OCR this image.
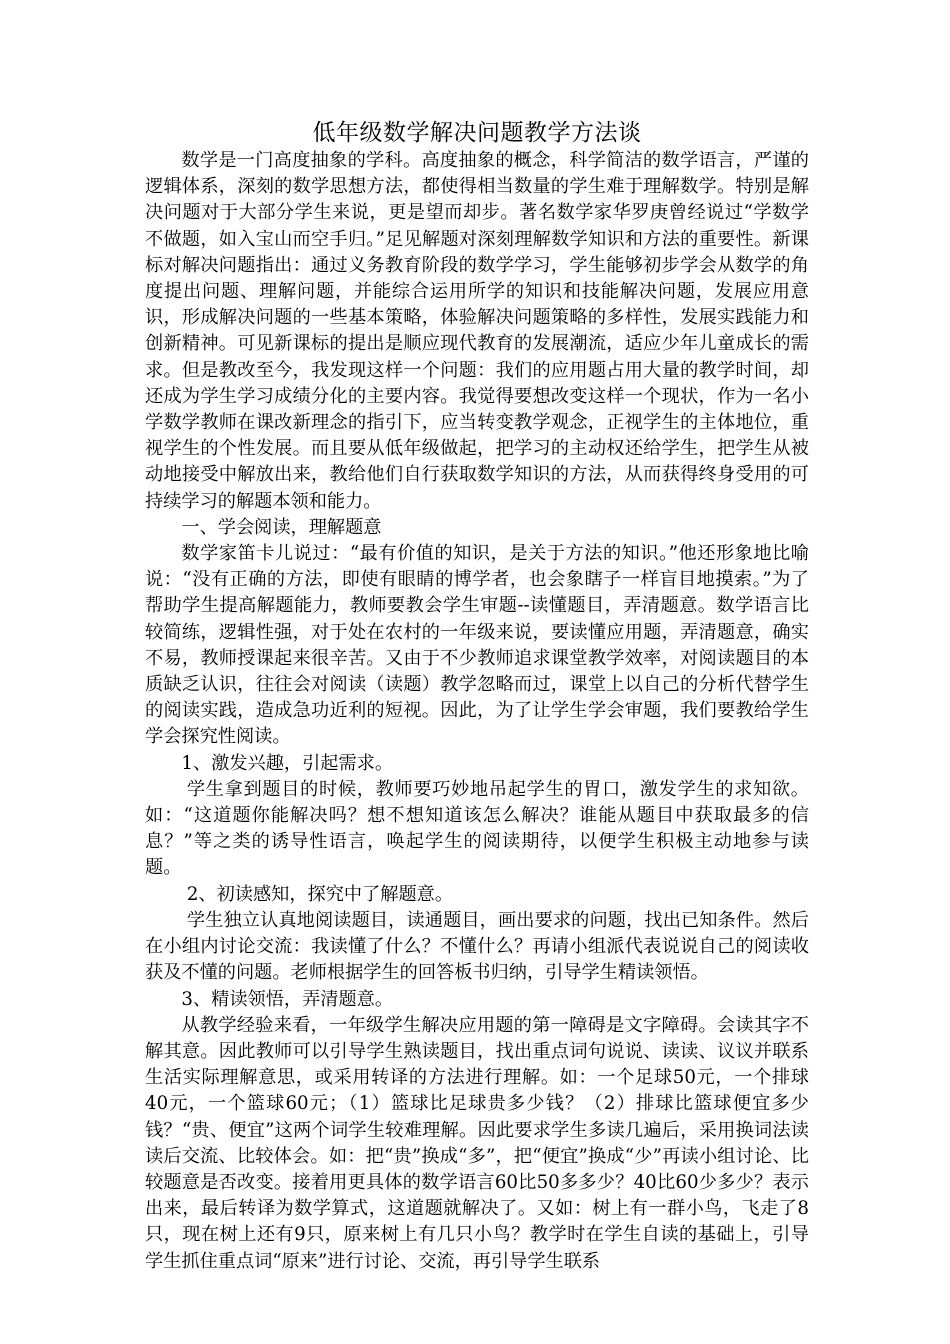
低年级数学解决问题教学方法谈

数学是一门高度抽象的学科。高度抽象的概念，科学简洁的数学语言，严谨的逻辑体系，深刻的数学思想方法，都使得相当数量的学生难于理解数学。特别是解决问题对于大部分学生来说，更是望而却步。著名数学家华罗庚曾经说过“学数学不做题，如入宝山而空手归。”足见解题对深刻理解数学知识和方法的重要性。新课标对解决问题指出：通过义务教育阶段的数学学习，学生能够初步学会从数学的角度提出问题、理解问题，并能综合运用所学的知识和技能解决问题，发展应用意识，形成解决问题的一些基本策略，体验解决问题策略的多样性，发展实践能力和创新精神。可见新课标的提出是顺应现代教育的发展潮流，适应少年儿童成长的需求。但是教改至今，我发现这样一个问题：我们的应用题占用大量的教学时间，却还成为学生学习成绩分化的主要内容。我觉得要想改变这样一个现状，作为一名小学数学教师在课改新理念的指引下，应当转变教学观念，正视学生的主体地位，重视学生的个性发展。而且要从低年级做起，把学习的主动权还给学生，把学生从被动地接受中解放出来，教给他们自行获取数学知识的方法，从而获得终身受用的可持续学习的解题本领和能力。

一、学会阅读，理解题意

数学家笛卡儿说过：“最有价值的知识，是关于方法的知识。”他还形象地比喻说：“没有正确的方法，即使有眼睛的博学者，也会象瞎子一样盲目地摸索。”为了帮助学生提高解题能力，教师要教会学生审题--读懂题目，弄清题意。数学语言比较简练，逻辑性强，对于处在农村的一年级来说，要读懂应用题，弄清题意，确实不易，教师授课起来很辛苦。又由于不少教师追求课堂教学效率，对阅读题目的本质缺乏认识，往往会对阅读（读题）教学忽略而过，课堂上以自己的分析代替学生的阅读实践，造成急功近利的短视。因此，为了让学生学会审题，我们要教给学生学会探究性阅读。

1、激发兴趣，引起需求。

学生拿到题目的时候，教师要巧妙地吊起学生的胃口，激发学生的求知欲。如：“这道题你能解决吗？想不想知道该怎么解决？谁能从题目中获取最多的信息？”等之类的诱导性语言，唤起学生的阅读期待，以便学生积极主动地参与读题。

2、初读感知，探究中了解题意。

学生独立认真地阅读题目，读通题目，画出要求的问题，找出已知条件。然后在小组内讨论交流：我读懂了什么？不懂什么？再请小组派代表说说自己的阅读收获及不懂的问题。老师根据学生的回答板书归纳，引导学生精读领悟。

3、精读领悟，弄清题意。

从教学经验来看，一年级学生解决应用题的第一障碍是文字障碍。会读其字不解其意。因此教师可以引导学生熟读题目，找出重点词句说说、读读、议议并联系生活实际理解意思，或采用转译的方法进行理解。如：一个足球50元，一个排球40元，一个篮球60元；（1）篮球比足球贵多少钱？（2）排球比篮球便宜多少钱？“贵、便宜”这两个词学生较难理解。因此要求学生多读几遍后，采用换词法读读后交流、比较体会。如：把“贵”换成“多”，把“便宜”换成“少”再读小组讨论、比较题意是否改变。接着用更具体的数学语言60比50多多少？40比60少多少？表示出来，最后转译为数学算式，这道题就解决了。又如：树上有一群小鸟，飞走了8只，现在树上还有9只，原来树上有几只小鸟？教学时在学生自读的基础上，引导学生抓住重点词“原来”进行讨论、交流，再引导学生联系
